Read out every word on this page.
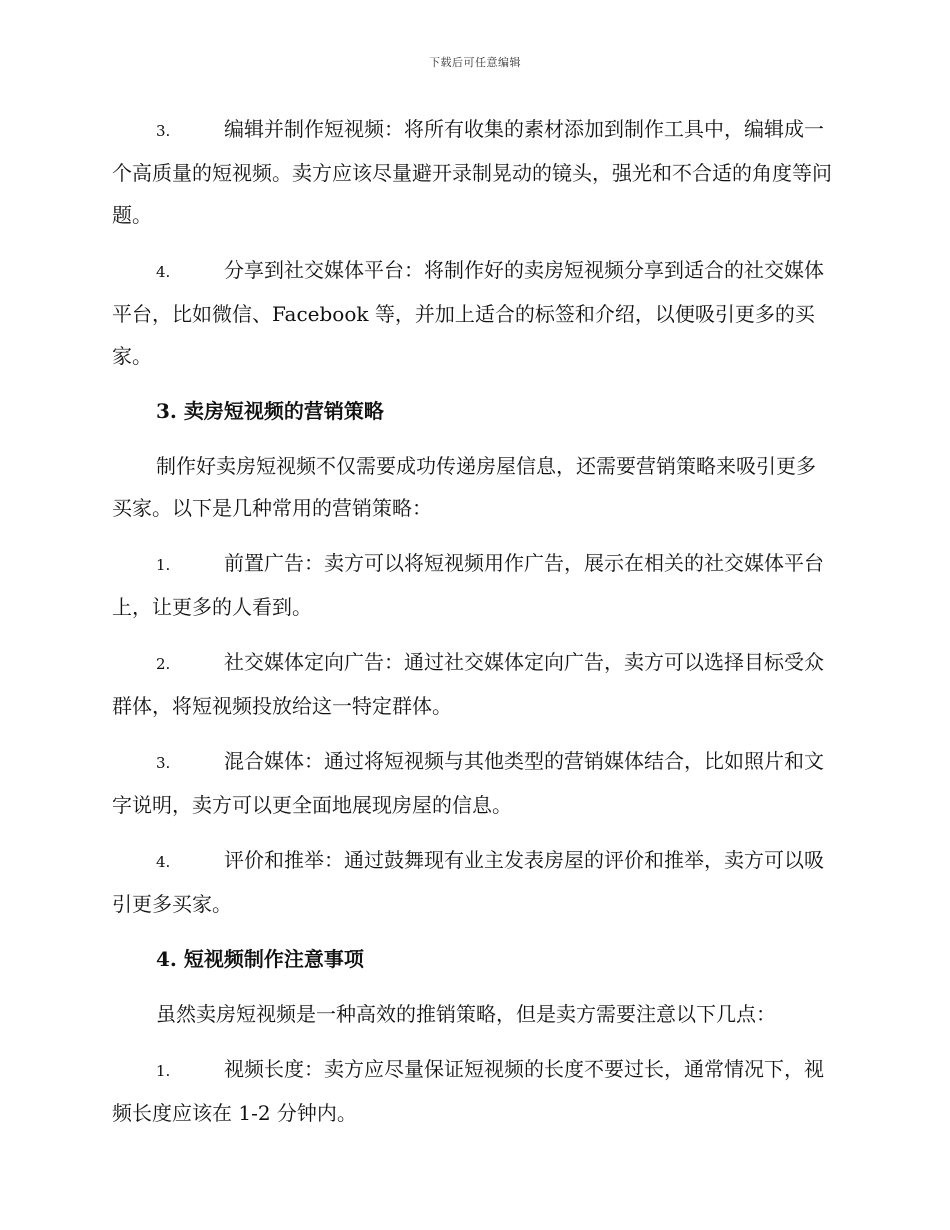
下载后可任意编辑

3.	编辑并制作短视频：将所有收集的素材添加到制作工具中，编辑成一个高质量的短视频。卖方应该尽量避开录制晃动的镜头，强光和不合适的角度等问题。

4.	分享到社交媒体平台：将制作好的卖房短视频分享到适合的社交媒体平台，比如微信、Facebook 等，并加上适合的标签和介绍，以便吸引更多的买家。

3. 卖房短视频的营销策略

制作好卖房短视频不仅需要成功传递房屋信息，还需要营销策略来吸引更多买家。以下是几种常用的营销策略：

1.	前置广告：卖方可以将短视频用作广告，展示在相关的社交媒体平台上，让更多的人看到。

2.	社交媒体定向广告：通过社交媒体定向广告，卖方可以选择目标受众群体，将短视频投放给这一特定群体。

3.	混合媒体：通过将短视频与其他类型的营销媒体结合，比如照片和文字说明，卖方可以更全面地展现房屋的信息。

4.	评价和推举：通过鼓舞现有业主发表房屋的评价和推举，卖方可以吸引更多买家。

4. 短视频制作注意事项

虽然卖房短视频是一种高效的推销策略，但是卖方需要注意以下几点：

1.	视频长度：卖方应尽量保证短视频的长度不要过长，通常情况下，视频长度应该在 1-2 分钟内。
